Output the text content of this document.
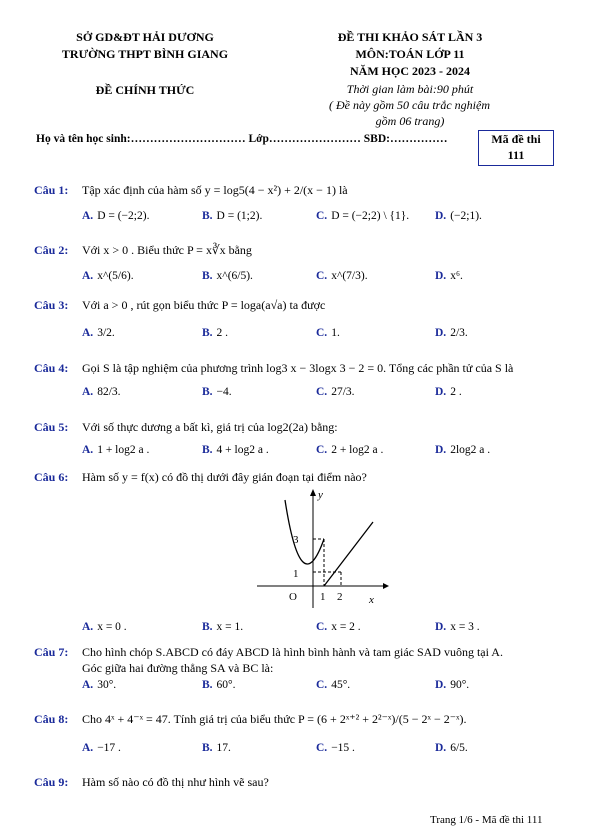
SỞ GD&ĐT HẢI DƯƠNG
TRƯỜNG THPT BÌNH GIANG
ĐỀ CHÍNH THỨC
ĐỀ THI KHẢO SÁT LẦN 3
MÔN:TOÁN LỚP 11
NĂM HỌC 2023 - 2024
Thời gian làm bài:90 phút
( Đề này gồm 50 câu trắc nghiệm
gồm 06 trang)
Họ và tên học sinh:………………………… Lớp…………………… SBD:……………	Mã đề thi
111
Câu 1: Tập xác định của hàm số y = log5(4 − x²) + 2/(x − 1) là
A. D = (−2;2).	B. D = (1;2).	C. D = (−2;2) \ {1}. D. (−2;1).
Câu 2: Với x > 0 . Biểu thức P = x∛x bằng
A. x^(5/6).	B. x^(6/5).	C. x^(7/3).	D. x⁶.
Câu 3: Với a > 0 , rút gọn biểu thức P = loga(a√a) ta được
A. 3/2.	B. 2 .	C. 1.	D. 2/3.
Câu 4: Gọi S là tập nghiệm của phương trình log3 x − 3logx 3 − 2 = 0. Tổng các phần tử của S là
A. 82/3.	B. −4.	C. 27/3.	D. 2 .
Câu 5: Với số thực dương a bất kì, giá trị của log2(2a) bằng:
A. 1 + log2 a .	B. 4 + log2 a .	C. 2 + log2 a .	D. 2log2 a .
Câu 6: Hàm số y = f(x) có đồ thị dưới đây gián đoạn tại điểm nào?
y
x
O 1 2
1
3
A. x = 0 .	B. x = 1.	C. x = 2 .	D. x = 3 .
Câu 7: Cho hình chóp S.ABCD có đáy ABCD là hình bình hành và tam giác SAD vuông tại A.
Góc giữa hai đường thẳng SA và BC là:
A. 30°.	B. 60°.	C. 45°.	D. 90°.
Câu 8: Cho 4ˣ + 4⁻ˣ = 47. Tính giá trị của biểu thức P = (6 + 2ˣ⁺² + 2²⁻ˣ)/(5 − 2ˣ − 2⁻ˣ).
A. −17 .	B. 17.	C. −15 .	D. 6/5.
Câu 9: Hàm số nào có đồ thị như hình vẽ sau?
Trang 1/6 - Mã đề thi 111
